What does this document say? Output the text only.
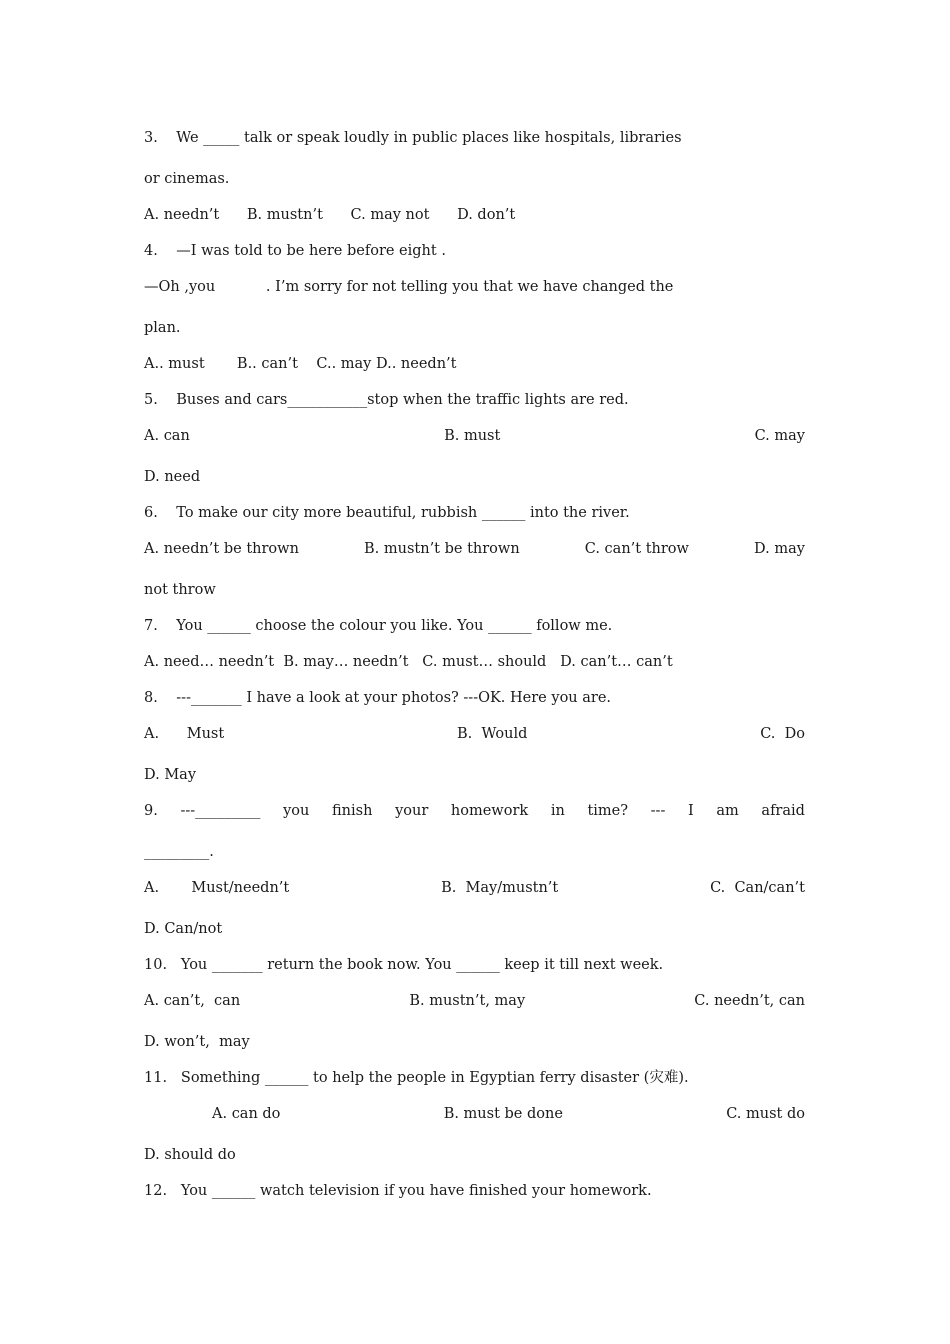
3.    We _____ talk or speak loudly in public places like hospitals, libraries
or cinemas.
A. needn’t      B. mustn’t      C. may not      D. don’t
4.    —I was told to be here before eight .
—Oh ,you           . I’m sorry for not telling you that we have changed the
plan.
A.. must       B.. can’t    C.. may D.. needn’t
5.    Buses and cars___________stop when the traffic lights are red.
A. can	B. must	C. may
D. need
6.    To make our city more beautiful, rubbish ______ into the river.
A. needn’t be thrown	B. mustn’t be thrown	C. can’t throw	D. may
not throw
7.    You ______ choose the colour you like. You ______ follow me.
A. need… needn’t  B. may… needn’t   C. must… should   D. can’t… can’t
8.    ---_______ I have a look at your photos? ---OK. Here you are.
A.      Must	B.  Would	C.  Do
D. May
9. ---_________ you finish your homework in time? --- I am afraid
_________.
A.       Must/needn’t	B.  May/mustn’t	C.  Can/can’t
D. Can/not
10.   You _______ return the book now. You ______ keep it till next week.
A. can’t,  can	B. mustn’t, may	C. needn’t, can
D. won’t,  may
11.   Something ______ to help the people in Egyptian ferry disaster (灾难).
A. can do	B. must be done	C. must do
D. should do
12.   You ______ watch television if you have finished your homework.
